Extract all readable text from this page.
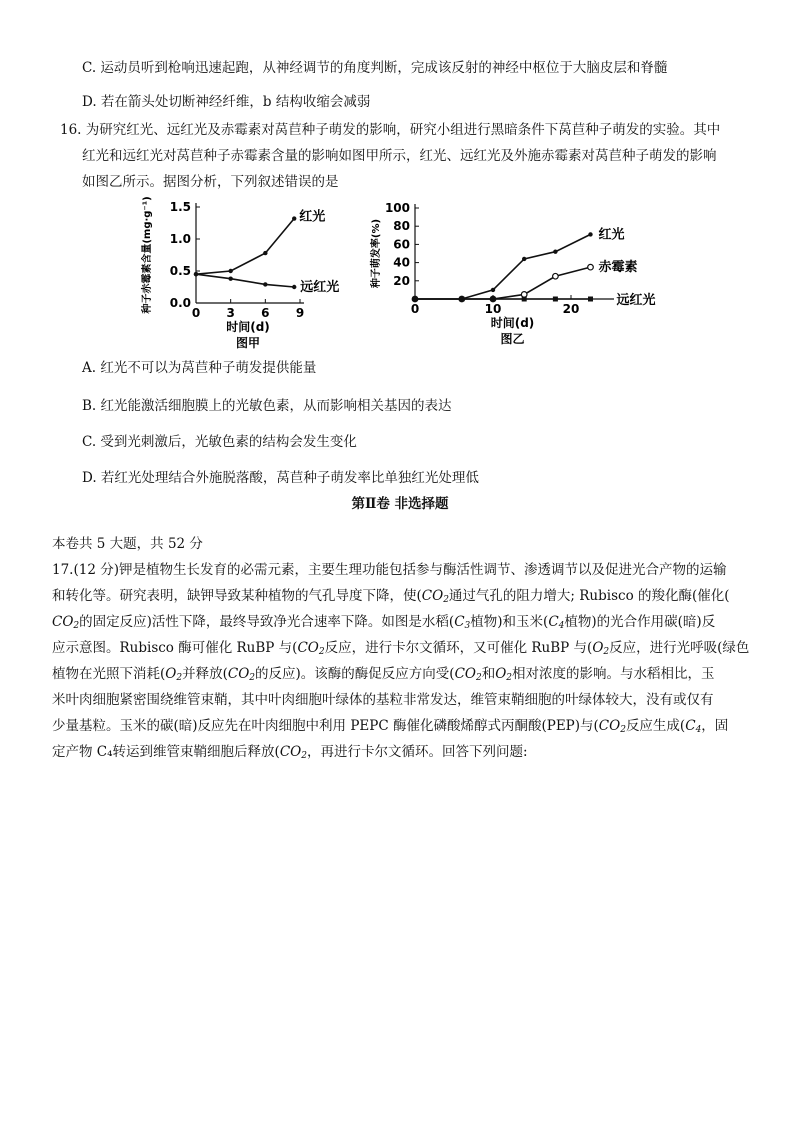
C. 运动员听到枪响迅速起跑，从神经调节的角度判断，完成该反射的神经中枢位于大脑皮层和脊髓
D. 若在箭头处切断神经纤维，b 结构收缩会减弱
16. 为研究红光、远红光及赤霉素对莴苣种子萌发的影响，研究小组进行黑暗条件下莴苣种子萌发的实验。其中
红光和远红光对莴苣种子赤霉素含量的影响如图甲所示，红光、远红光及外施赤霉素对莴苣种子萌发的影响
如图乙所示。据图分析，下列叙述错误的是
0.0
0.5
1.0
1.5
0 3 6 9
时间(d)
图甲
种子赤霉素含量(mg·g⁻¹)	红光
远红光	20
40
60
80
100
0	10	20
时间(d)
图乙
种子萌发率(%)	红光
赤霉素
远红光
A. 红光不可以为莴苣种子萌发提供能量
B. 红光能激活细胞膜上的光敏色素，从而影响相关基因的表达
C. 受到光刺激后，光敏色素的结构会发生变化
D. 若红光处理结合外施脱落酸，莴苣种子萌发率比单独红光处理低
第Ⅱ卷 非选择题
本卷共 5 大题，共 52 分
17.(12 分)钾是植物生长发育的必需元素，主要生理功能包括参与酶活性调节、渗透调节以及促进光合产物的运输
和转化等。研究表明，缺钾导致某种植物的气孔导度下降，使($CO_2$通过气孔的阻力增大; Rubisco 的羧化酶(催化(
$CO_2$的固定反应)活性下降，最终导致净光合速率下降。如图是水稻($C_3$植物)和玉米($C_4$植物)的光合作用碳(暗)反
应示意图。Rubisco 酶可催化 RuBP 与($CO_2$反应，进行卡尔文循环，又可催化 RuBP 与($O_2$反应，进行光呼吸(绿色
植物在光照下消耗($O_2$并释放($CO_2$的反应)。该酶的酶促反应方向受($CO_2$和$O_2$相对浓度的影响。与水稻相比，玉
米叶肉细胞紧密围绕维管束鞘，其中叶肉细胞叶绿体的基粒非常发达，维管束鞘细胞的叶绿体较大，没有或仅有
少量基粒。玉米的碳(暗)反应先在叶肉细胞中利用 PEPC 酶催化磷酸烯醇式丙酮酸(PEP)与($CO_2$反应生成($C_4$，固
定产物 C₄转运到维管束鞘细胞后释放($CO_2$，再进行卡尔文循环。回答下列问题:
